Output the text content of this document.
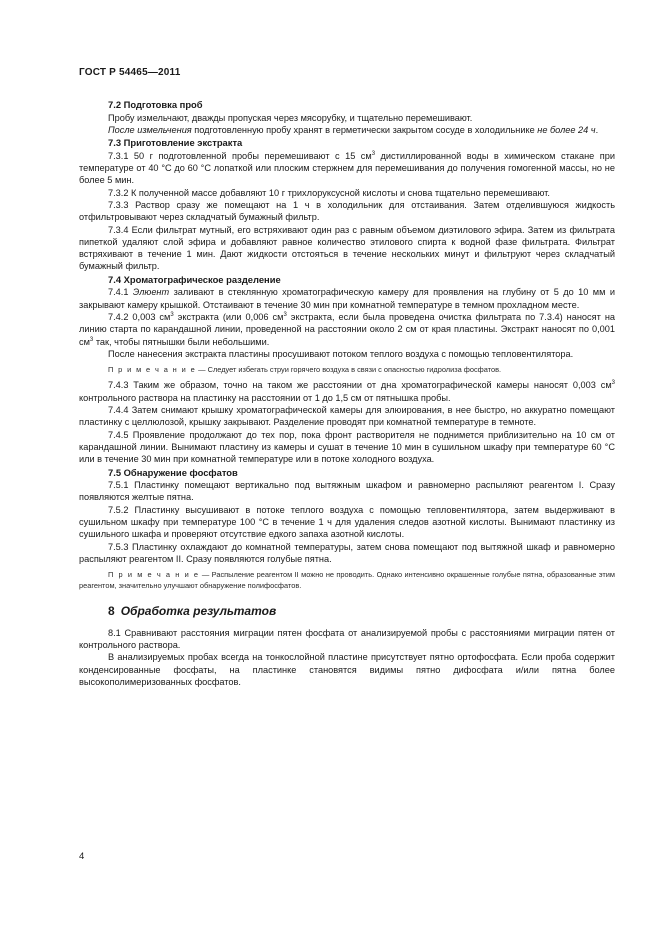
ГОСТ Р 54465—2011
7.2 Подготовка проб

Пробу измельчают, дважды пропуская через мясорубку, и тщательно перемешивают.

После измельчения подготовленную пробу хранят в герметически закрытом сосуде в холодильнике не более 24 ч.

7.3 Приготовление экстракта

7.3.1 50 г подготовленной пробы перемешивают с 15 $см^3$ дистиллированной воды в химическом стакане при температуре от 40 °С до 60 °С лопаткой или плоским стержнем для перемешивания до получения гомогенной массы, но не более 5 мин.

7.3.2 К полученной массе добавляют 10 г трихлоруксусной кислоты и снова тщательно перемешивают.

7.3.3 Раствор сразу же помещают на 1 ч в холодильник для отстаивания. Затем отделившуюся жидкость отфильтровывают через складчатый бумажный фильтр.

7.3.4 Если фильтрат мутный, его встряхивают один раз с равным объемом диэтилового эфира. Затем из фильтрата пипеткой удаляют слой эфира и добавляют равное количество этилового спирта к водной фазе фильтрата. Фильтрат встряхивают в течение 1 мин. Дают жидкости отстояться в течение нескольких минут и фильтруют через складчатый бумажный фильтр.

7.4 Хроматографическое разделение

7.4.1 Элюент заливают в стеклянную хроматографическую камеру для проявления на глубину от 5 до 10 мм и закрывают камеру крышкой. Отстаивают в течение 30 мин при комнатной температуре в темном прохладном месте.

7.4.2 0,003 $см^3$ экстракта (или 0,006 $см^3$ экстракта, если была проведена очистка фильтрата по 7.3.4) наносят на линию старта по карандашной линии, проведенной на расстоянии около 2 см от края пластины. Экстракт наносят по 0,001 $см^3$ так, чтобы пятнышки были небольшими.

После нанесения экстракта пластины просушивают потоком теплого воздуха с помощью тепловентилятора.

П р и м е ч а н и е — Следует избегать струи горячего воздуха в связи с опасностью гидролиза фосфатов.

7.4.3 Таким же образом, точно на таком же расстоянии от дна хроматографической камеры наносят 0,003 $см^3$ контрольного раствора на пластинку на расстоянии от 1 до 1,5 см от пятнышка пробы.

7.4.4 Затем снимают крышку хроматографической камеры для элюирования, в нее быстро, но аккуратно помещают пластинку с целлюлозой, крышку закрывают. Разделение проводят при комнатной температуре в темноте.

7.4.5 Проявление продолжают до тех пор, пока фронт растворителя не поднимется приблизительно на 10 см от карандашной линии. Вынимают пластину из камеры и сушат в течение 10 мин в сушильном шкафу при температуре 60 °С или в течение 30 мин при комнатной температуре или в потоке холодного воздуха.

7.5 Обнаружение фосфатов

7.5.1 Пластинку помещают вертикально под вытяжным шкафом и равномерно распыляют реагентом I. Сразу появляются желтые пятна.

7.5.2 Пластинку высушивают в потоке теплого воздуха с помощью тепловентилятора, затем выдерживают в сушильном шкафу при температуре 100 °С в течение 1 ч для удаления следов азотной кислоты. Вынимают пластинку из сушильного шкафа и проверяют отсутствие едкого запаха азотной кислоты.

7.5.3 Пластинку охлаждают до комнатной температуры, затем снова помещают под вытяжной шкаф и равномерно распыляют реагентом II. Сразу появляются голубые пятна.

П р и м е ч а н и е — Распыление реагентом II можно не проводить. Однако интенсивно окрашенные голубые пятна, образованные этим реагентом, значительно улучшают обнаружение полифосфатов.

8 Обработка результатов

8.1 Сравнивают расстояния миграции пятен фосфата от анализируемой пробы с расстояниями миграции пятен от контрольного раствора.

В анализируемых пробах всегда на тонкослойной пластине присутствует пятно ортофосфата. Если проба содержит конденсированные фосфаты, на пластинке становятся видимы пятно дифосфата и/или пятна более высокополимеризованных фосфатов.

4
